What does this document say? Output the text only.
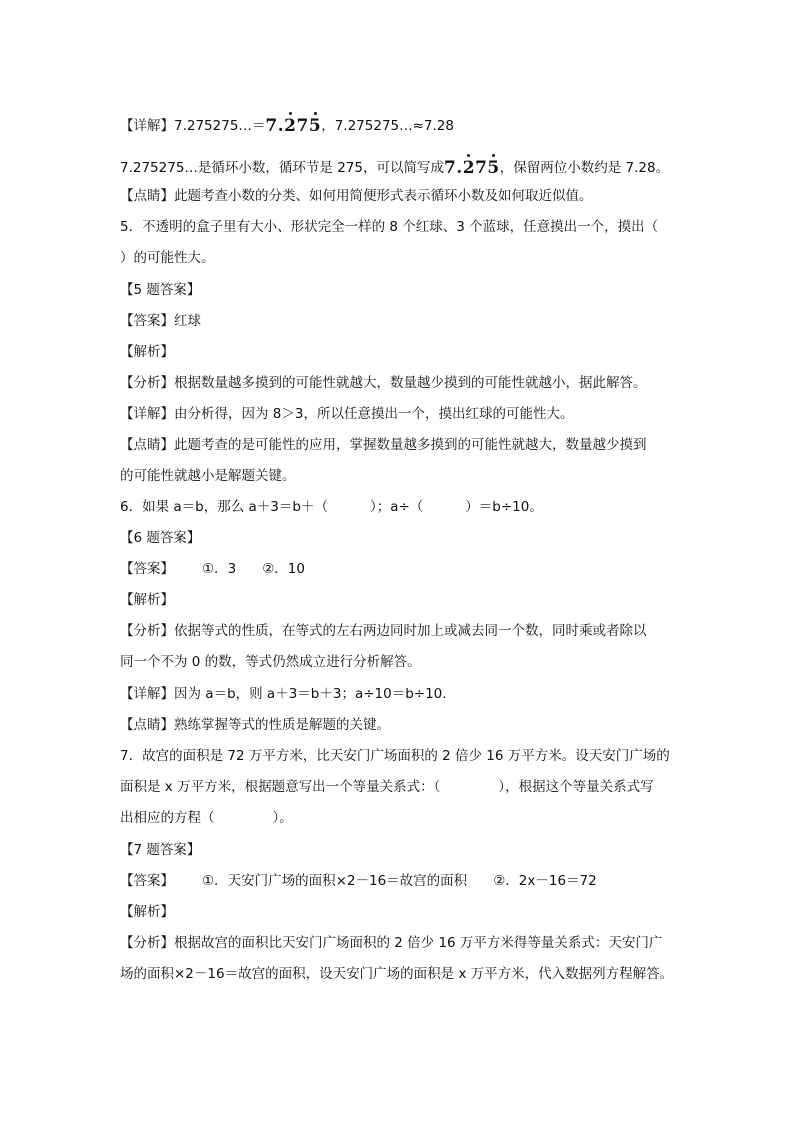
【详解】7.275275…＝7.275，7.275275…≈7.28
7.275275…是循环小数，循环节是 275，可以简写成7.275，保留两位小数约是 7.28。
【点睛】此题考查小数的分类、如何用简便形式表示循环小数及如何取近似值。
5．不透明的盒子里有大小、形状完全一样的 8 个红球、3 个蓝球，任意摸出一个，摸出（
）的可能性大。
【5 题答案】
【答案】红球
【解析】
【分析】根据数量越多摸到的可能性就越大，数量越少摸到的可能性就越小，据此解答。
【详解】由分析得，因为 8＞3，所以任意摸出一个，摸出红球的可能性大。
【点睛】此题考查的是可能性的应用，掌握数量越多摸到的可能性就越大，数量越少摸到
的可能性就越小是解题关键。
6．如果 a＝b，那么 a＋3＝b＋（	）；a÷（	）＝b÷10。
【6 题答案】
【答案】 ①．3 ②．10
【解析】
【分析】依据等式的性质，在等式的左右两边同时加上或减去同一个数，同时乘或者除以
同一个不为 0 的数，等式仍然成立进行分析解答。
【详解】因为 a＝b，则 a＋3＝b＋3；a÷10＝b÷10.
【点睛】熟练掌握等式的性质是解题的关键。
7．故宫的面积是 72 万平方米，比天安门广场面积的 2 倍少 16 万平方米。设天安门广场的
面积是 x 万平方米，根据题意写出一个等量关系式：（	），根据这个等量关系式写
出相应的方程（	）。
【7 题答案】
【答案】 ①．天安门广场的面积×2－16＝故宫的面积 ②．2x－16＝72
【解析】
【分析】根据故宫的面积比天安门广场面积的 2 倍少 16 万平方米得等量关系式：天安门广
场的面积×2－16＝故宫的面积，设天安门广场的面积是 x 万平方米，代入数据列方程解答。
